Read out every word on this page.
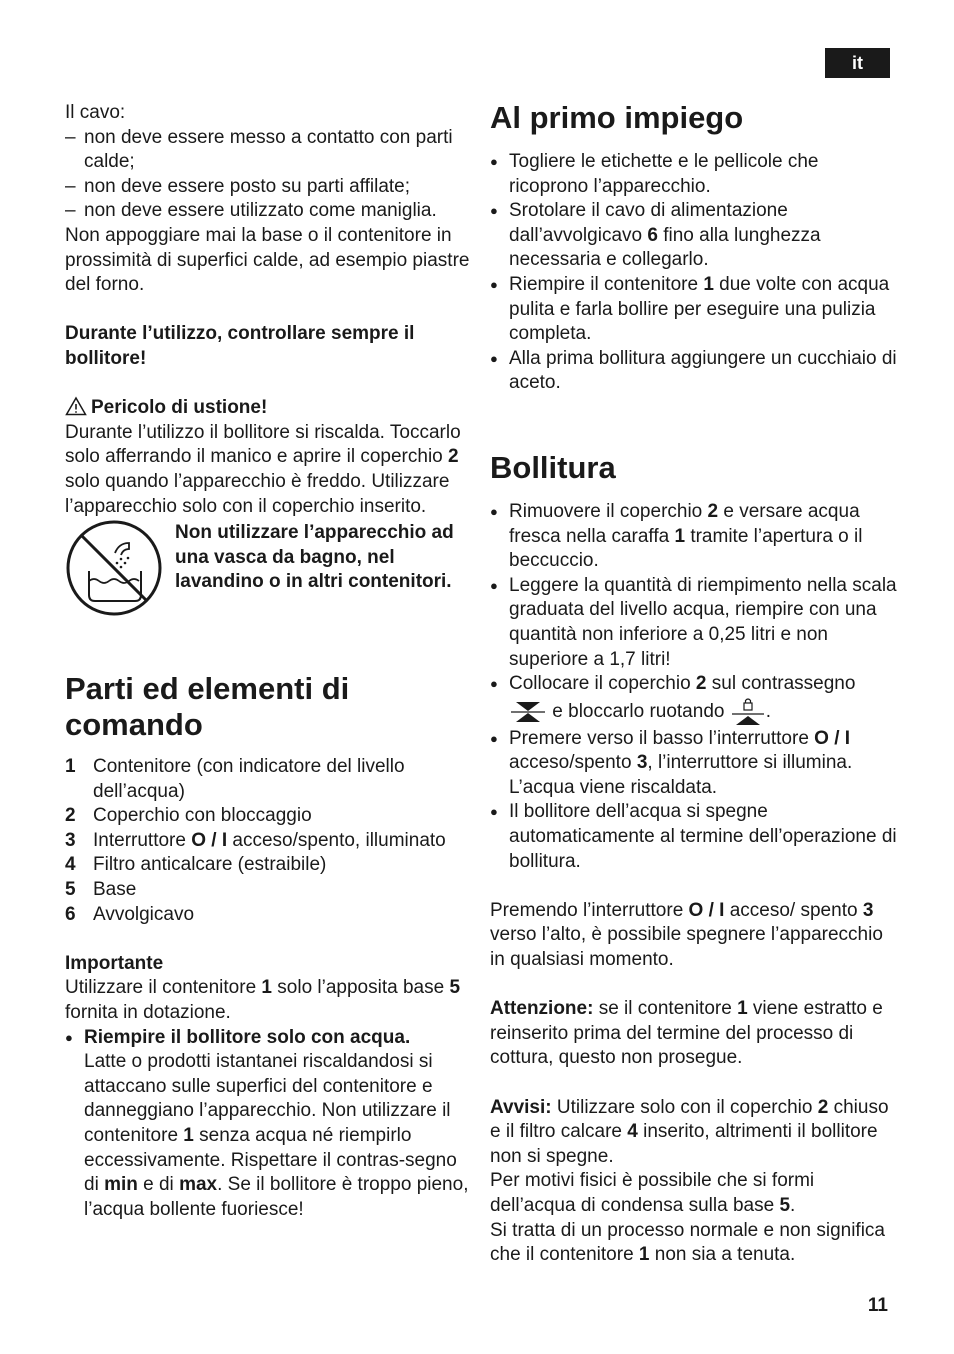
it

Il cavo:

– non deve essere messo a contatto con parti calde;

– non deve essere posto su parti affilate;

– non deve essere utilizzato come maniglia.

Non appoggiare mai la base o il contenitore in prossimità di superfici calde, ad esempio piastre del forno.

Durante l’utilizzo, controllare sempre il bollitore!

Pericolo di ustione!

Durante l’utilizzo il bollitore si riscalda. Toccarlo solo afferrando il manico e aprire il coperchio 2 solo quando l’apparecchio è freddo. Utilizzare l’apparecchio solo con il coperchio inserito.

Non utilizzare l’apparecchio ad una vasca da bagno, nel lavandino o in altri contenitori.

Parti ed elementi di comando
1 Contenitore (con indicatore del livello dell’acqua)
2 Coperchio con bloccaggio
3 Interruttore O / I acceso/spento, illuminato
4 Filtro anticalcare (estraibile)
5 Base
6 Avvolgicavo

Importante

Utilizzare il contenitore 1 solo l’apposita base 5 fornita in dotazione.

● Riempire il bollitore solo con acqua.
Latte o prodotti istantanei riscaldandosi si attaccano sulle superfici del contenitore e danneggiano l’apparecchio. Non utilizzare il contenitore 1 senza acqua né riempirlo eccessivamente. Rispettare il contras-segno di min e di max. Se il bollitore è troppo pieno, l’acqua bollente fuoriesce!
Al primo impiego
● Togliere le etichette e le pellicole che ricoprono l’apparecchio.
● Srotolare il cavo di alimentazione dall’avvolgicavo 6 fino alla lunghezza necessaria e collegarlo.
● Riempire il contenitore 1 due volte con acqua pulita e farla bollire per eseguire una pulizia completa.
● Alla prima bollitura aggiungere un cucchiaio di aceto.
Bollitura
● Rimuovere il coperchio 2 e versare acqua fresca nella caraffa 1 tramite l’apertura o il beccuccio.
● Leggere la quantità di riempimento nella scala graduata del livello acqua, riempire con una quantità non inferiore a 0,25 litri e non superiore a 1,7 litri!
● Collocare il coperchio 2 sul contrassegno
e bloccarlo ruotando .
● Premere verso il basso l’interruttore O / I acceso/spento 3, l’interruttore si illumina. L’acqua viene riscaldata.
● Il bollitore dell’acqua si spegne automaticamente al termine dell’operazione di bollitura.

Premendo l’interruttore O / I acceso/ spento 3 verso l’alto, è possibile spegnere l’apparecchio in qualsiasi momento.

Attenzione: se il contenitore 1 viene estratto e reinserito prima del termine del processo di cottura, questo non prosegue.

Avvisi: Utilizzare solo con il coperchio 2 chiuso e il filtro calcare 4 inserito, altrimenti il bollitore non si spegne.

Per motivi fisici è possibile che si formi dell’acqua di condensa sulla base 5.

Si tratta di un processo normale e non significa che il contenitore 1 non sia a tenuta.

11
